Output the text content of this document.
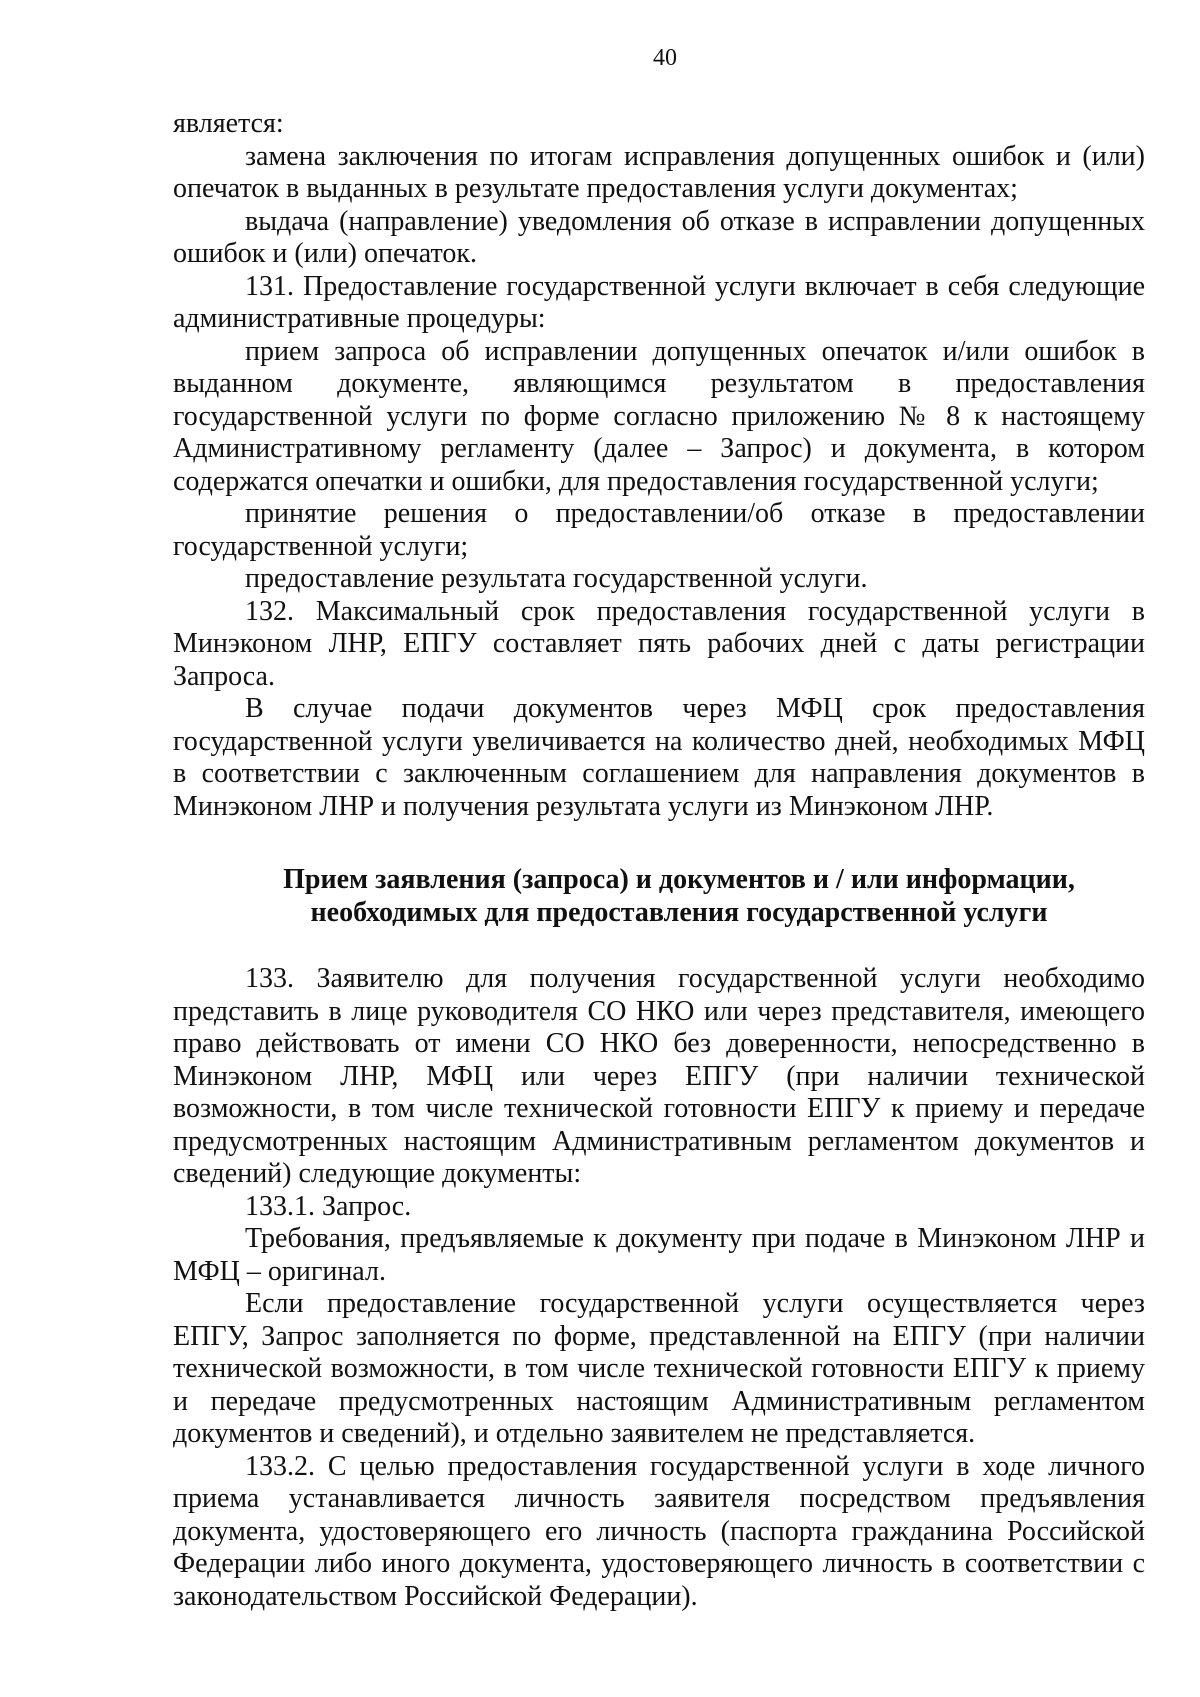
40

является:

замена заключения по итогам исправления допущенных ошибок и (или) опечаток в выданных в результате предоставления услуги документах;

выдача (направление) уведомления об отказе в исправлении допущенных ошибок и (или) опечаток.

131. Предоставление государственной услуги включает в себя следующие административные процедуры:

прием запроса об исправлении допущенных опечаток и/или ошибок в выданном документе, являющимся результатом в предоставления государственной услуги по форме согласно приложению № 8 к настоящему Административному регламенту (далее – Запрос) и документа, в котором содержатся опечатки и ошибки, для предоставления государственной услуги;

принятие решения о предоставлении/об отказе в предоставлении государственной услуги;

предоставление результата государственной услуги.

132. Максимальный срок предоставления государственной услуги в Минэконом ЛНР, ЕПГУ составляет пять рабочих дней с даты регистрации Запроса.

В случае подачи документов через МФЦ срок предоставления государственной услуги увеличивается на количество дней, необходимых МФЦ в соответствии с заключенным соглашением для направления документов в Минэконом ЛНР и получения результата услуги из Минэконом ЛНР.

Прием заявления (запроса) и документов и / или информации,
необходимых для предоставления государственной услуги

133. Заявителю для получения государственной услуги необходимо представить в лице руководителя СО НКО или через представителя, имеющего право действовать от имени СО НКО без доверенности, непосредственно в Минэконом ЛНР, МФЦ или через ЕПГУ (при наличии технической возможности, в том числе технической готовности ЕПГУ к приему и передаче предусмотренных настоящим Административным регламентом документов и сведений) следующие документы:

133.1. Запрос.

Требования, предъявляемые к документу при подаче в Минэконом ЛНР и МФЦ – оригинал.

Если предоставление государственной услуги осуществляется через ЕПГУ, Запрос заполняется по форме, представленной на ЕПГУ (при наличии технической возможности, в том числе технической готовности ЕПГУ к приему и передаче предусмотренных настоящим Административным регламентом документов и сведений), и отдельно заявителем не представляется.

133.2. С целью предоставления государственной услуги в ходе личного приема устанавливается личность заявителя посредством предъявления документа, удостоверяющего его личность (паспорта гражданина Российской Федерации либо иного документа, удостоверяющего личность в соответствии с законодательством Российской Федерации).
